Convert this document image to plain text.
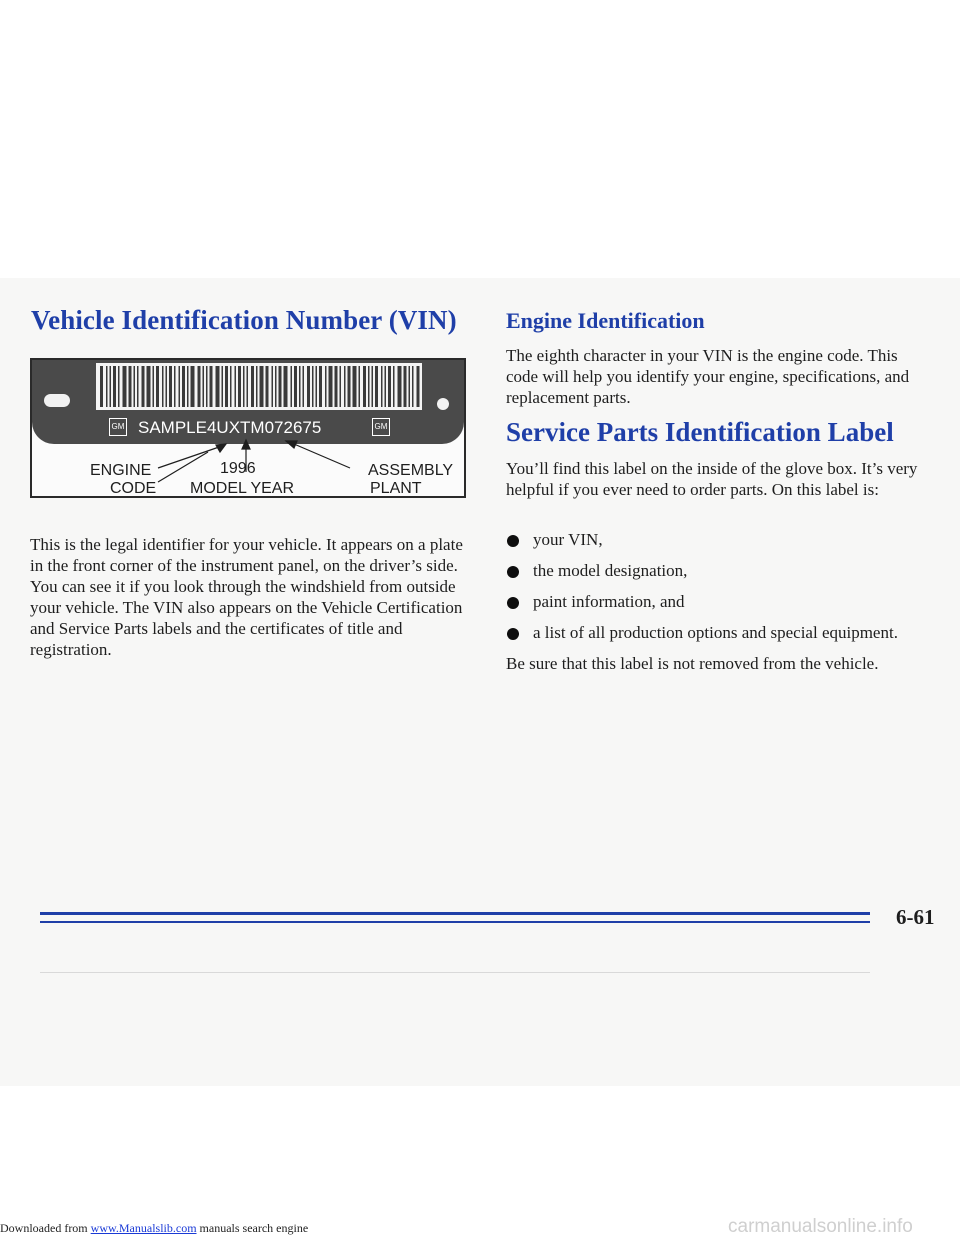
Vehicle Identification Number (VIN)
GM SAMPLE4UXTM072675	GM
ENGINE
CODE
1996
MODEL YEAR
ASSEMBLY
PLANT

This is the legal identifier for your vehicle. It appears on a plate in the front corner of the instrument panel, on the driver’s side. You can see it if you look through the windshield from outside your vehicle. The VIN also appears on the Vehicle Certification and Service Parts labels and the certificates of title and registration.

Engine Identification

The eighth character in your VIN is the engine code. This code will help you identify your engine, specifications, and replacement parts.

Service Parts Identification Label

You’ll find this label on the inside of the glove box. It’s very helpful if you ever need to order parts. On this label is:

your VIN,
the model designation,
paint information, and
a list of all production options and special equipment.

Be sure that this label is not removed from the vehicle.

6-61

Downloaded from www.Manualslib.com manuals search engine	carmanualsonline.info
